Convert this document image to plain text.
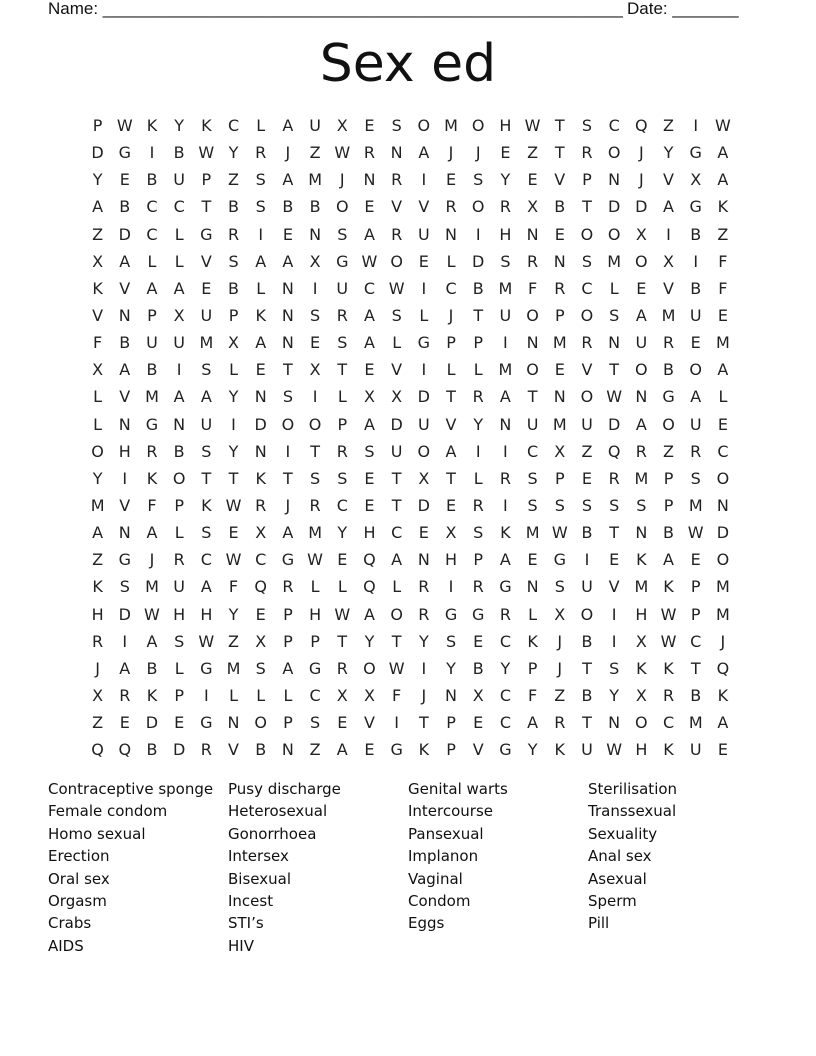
Name: _______________________________________________________ Date: _______
Sex ed
P W K	Y	K	C	L	A U X	E	S O M O H W T	S	C Q Z	I	W
D G	I	B W Y	R	J	Z W R N A	J	J	E	Z	T	R O	J	Y	G A
Y	E	B U	P	Z	S	A M	J	N R	I	E	S	Y	E	V	P	N	J	V	X	A
A	B	C	C	T	B	S	B	B O E	V	V	R O R	X	B	T	D D A G K
Z D C	L	G R	I	E	N	S	A	R U N	I	H N	E O O X	I	B	Z
X	A	L	L	V	S	A	A	X G W O E	L	D S	R N	S M O X	I	F
K	V	A	A	E	B	L	N	I	U C W	I	C	B M F	R	C	L	E	V	B	F
V N	P	X U	P	K N	S	R	A	S	L	J	T	U O	P	O S	A M U	E
F	B U U M X	A N	E	S	A	L	G	P	P	I	N M R N U R	E M
X	A	B	I	S	L	E	T	X	T	E	V	I	L	L M O E	V	T	O B O A
L	V M A	A	Y	N	S	I	L	X	X D	T	R	A	T	N O W N G A	L
L	N G N U	I	D O O	P	A D U V	Y	N U M U D A O U	E
O H R	B	S	Y	N	I	T	R	S	U O A	I	I	C	X	Z Q R	Z	R	C
Y	I	K O	T	T	K	T	S	S	E	T	X	T	L	R	S	P	E	R M P	S O
M V	F	P	K W R	J	R	C	E	T	D E	R	I	S	S	S	S	S	P M N
A N A	L	S	E	X	A M Y	H C	E	X	S	K M W B	T	N B W D
Z G	J	R	C W C G W E Q A N H	P	A	E G	I	E	K	A	E O
K	S M U A	F	Q R	L	L	Q	L	R	I	R G N	S	U V M K	P M
H D W H H	Y	E	P	H W A O R G G R	L	X O	I	H W P M
R	I	A	S W Z	X	P	P	T	Y	T	Y	S	E	C	K	J	B	I	X W C	J
J	A	B	L	G M S	A G R O W	I	Y	B	Y	P	J	T	S	K	K	T	Q
X	R	K	P	I	L	L	L	C	X	X	F	J	N X	C	F	Z	B	Y	X	R	B	K
Z	E D E G N O	P	S	E	V	I	T	P	E	C	A	R	T	N O C M A
Q Q B D R	V	B N Z	A	E G K	P	V G	Y	K	U W H K	U	E
Contraceptive sponge
Female condom
Homo sexual
Erection
Oral sex
Orgasm
Crabs
AIDS
Pusy discharge
Heterosexual
Gonorrhoea
Intersex
Bisexual
Incest
STI’s
HIV
Genital warts
Intercourse
Pansexual
Implanon
Vaginal
Condom
Eggs
Sterilisation
Transsexual
Sexuality
Anal sex
Asexual
Sperm
Pill
